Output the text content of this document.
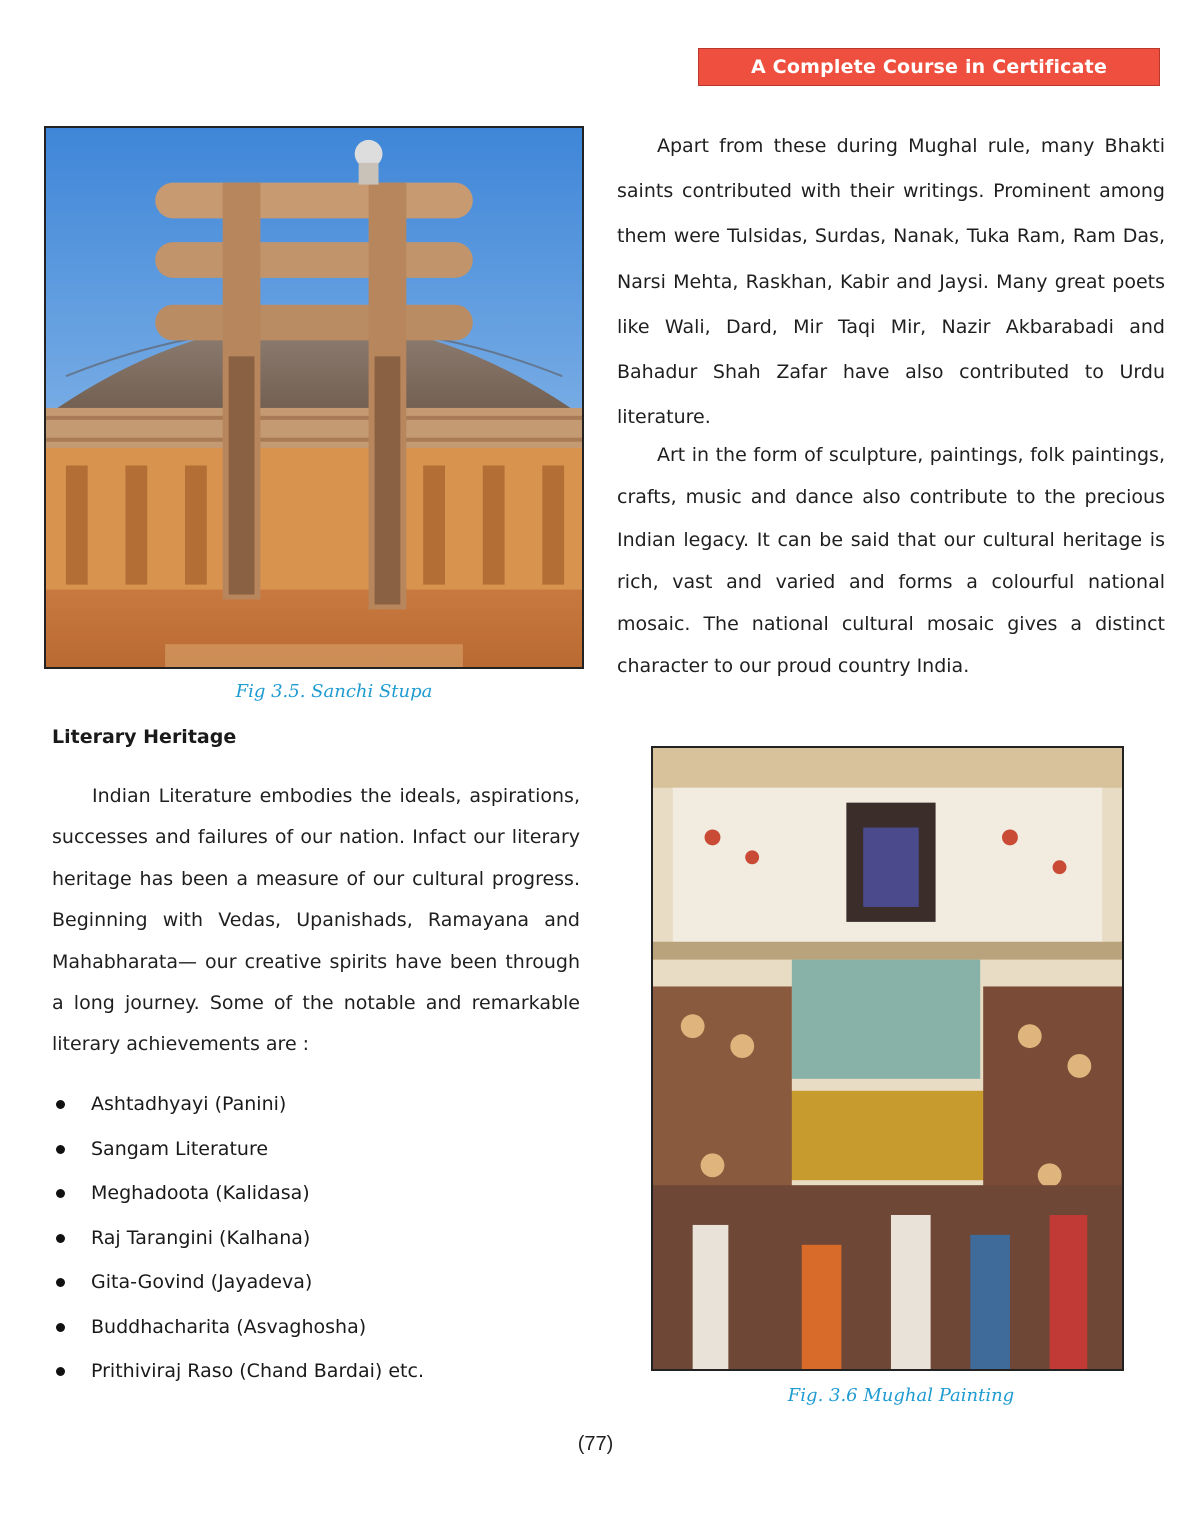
A Complete Course in Certificate Geography-II
Fig 3.5. Sanchi Stupa

Apart from these during Mughal rule, many Bhakti saints contributed with their writings. Prominent among them were Tulsidas, Surdas, Nanak, Tuka Ram, Ram Das, Narsi Mehta, Raskhan, Kabir and Jaysi. Many great poets like Wali, Dard, Mir Taqi Mir, Nazir Akbarabadi and Bahadur Shah Zafar have also contributed to Urdu literature.

Art in the form of sculpture, paintings, folk paintings, crafts, music and dance also contribute to the precious Indian legacy. It can be said that our cultural heritage is rich, vast and varied and forms a colourful national mosaic. The national cultural mosaic gives a distinct character to our proud country India.

Literary Heritage

Indian Literature embodies the ideals, aspirations, successes and failures of our nation. Infact our literary heritage has been a measure of our cultural progress. Beginning with Vedas, Upanishads, Ramayana and Mahabharata— our creative spirits have been through a long journey. Some of the notable and remarkable literary achievements are :

Ashtadhyayi (Panini)
Sangam Literature
Meghadoota (Kalidasa)
Raj Tarangini (Kalhana)
Gita-Govind (Jayadeva)
Buddhacharita (Asvaghosha)
Prithiviraj Raso (Chand Bardai) etc.
Fig. 3.6 Mughal Painting
(77)
